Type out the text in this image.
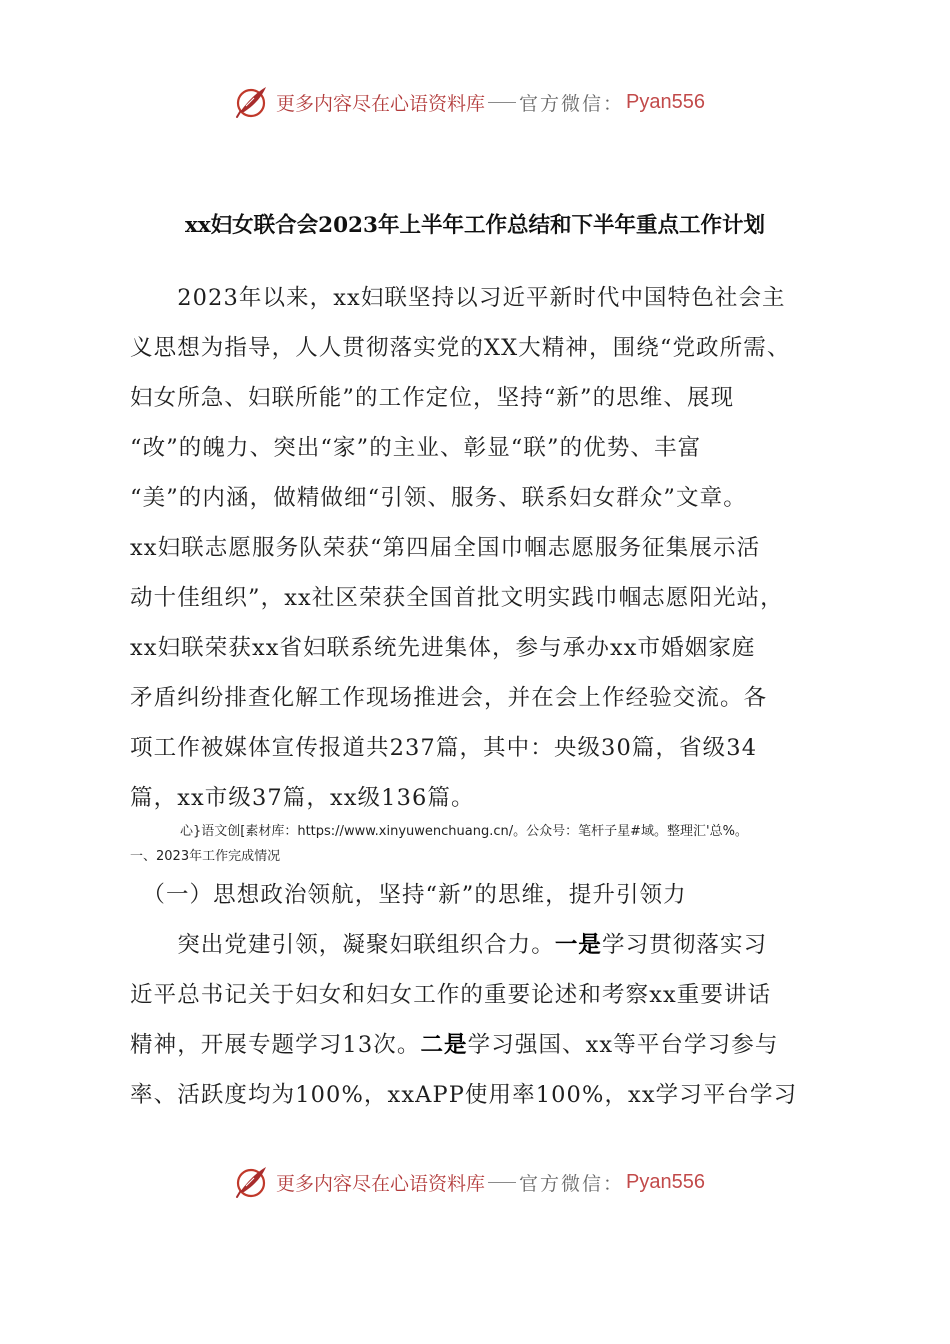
更多内容尽在心语资料库 官方微信： Pyan556
xx妇女联合会2023年上半年工作总结和下半年重点工作计划
　　2023年以来，xx妇联坚持以习近平新时代中国特色社会主
义思想为指导，人人贯彻落实党的XX大精神，围绕“党政所需、
妇女所急、妇联所能”的工作定位，坚持“新”的思维、展现
“改”的魄力、突出“家”的主业、彰显“联”的优势、丰富
“美”的内涵，做精做细“引领、服务、联系妇女群众”文章。
xx妇联志愿服务队荣获“第四届全国巾帼志愿服务征集展示活
动十佳组织”，xx社区荣获全国首批文明实践巾帼志愿阳光站，
xx妇联荣获xx省妇联系统先进集体，参与承办xx市婚姻家庭
矛盾纠纷排查化解工作现场推进会，并在会上作经验交流。各
项工作被媒体宣传报道共237篇，其中：央级30篇，省级34
篇，xx市级37篇，xx级136篇。
心}语文创[素材库：https://www.xinyuwenchuang.cn/。公众号：笔杆子星#域。整理汇'总%。
一、2023年工作完成情况
　（一）思想政治领航，坚持“新”的思维，提升引领力
　　突出党建引领，凝聚妇联组织合力。一是学习贯彻落实习
近平总书记关于妇女和妇女工作的重要论述和考察xx重要讲话
精神，开展专题学习13次。二是学习强国、xx等平台学习参与
率、活跃度均为100%，xxAPP使用率100%，xx学习平台学习
更多内容尽在心语资料库 官方微信： Pyan556
